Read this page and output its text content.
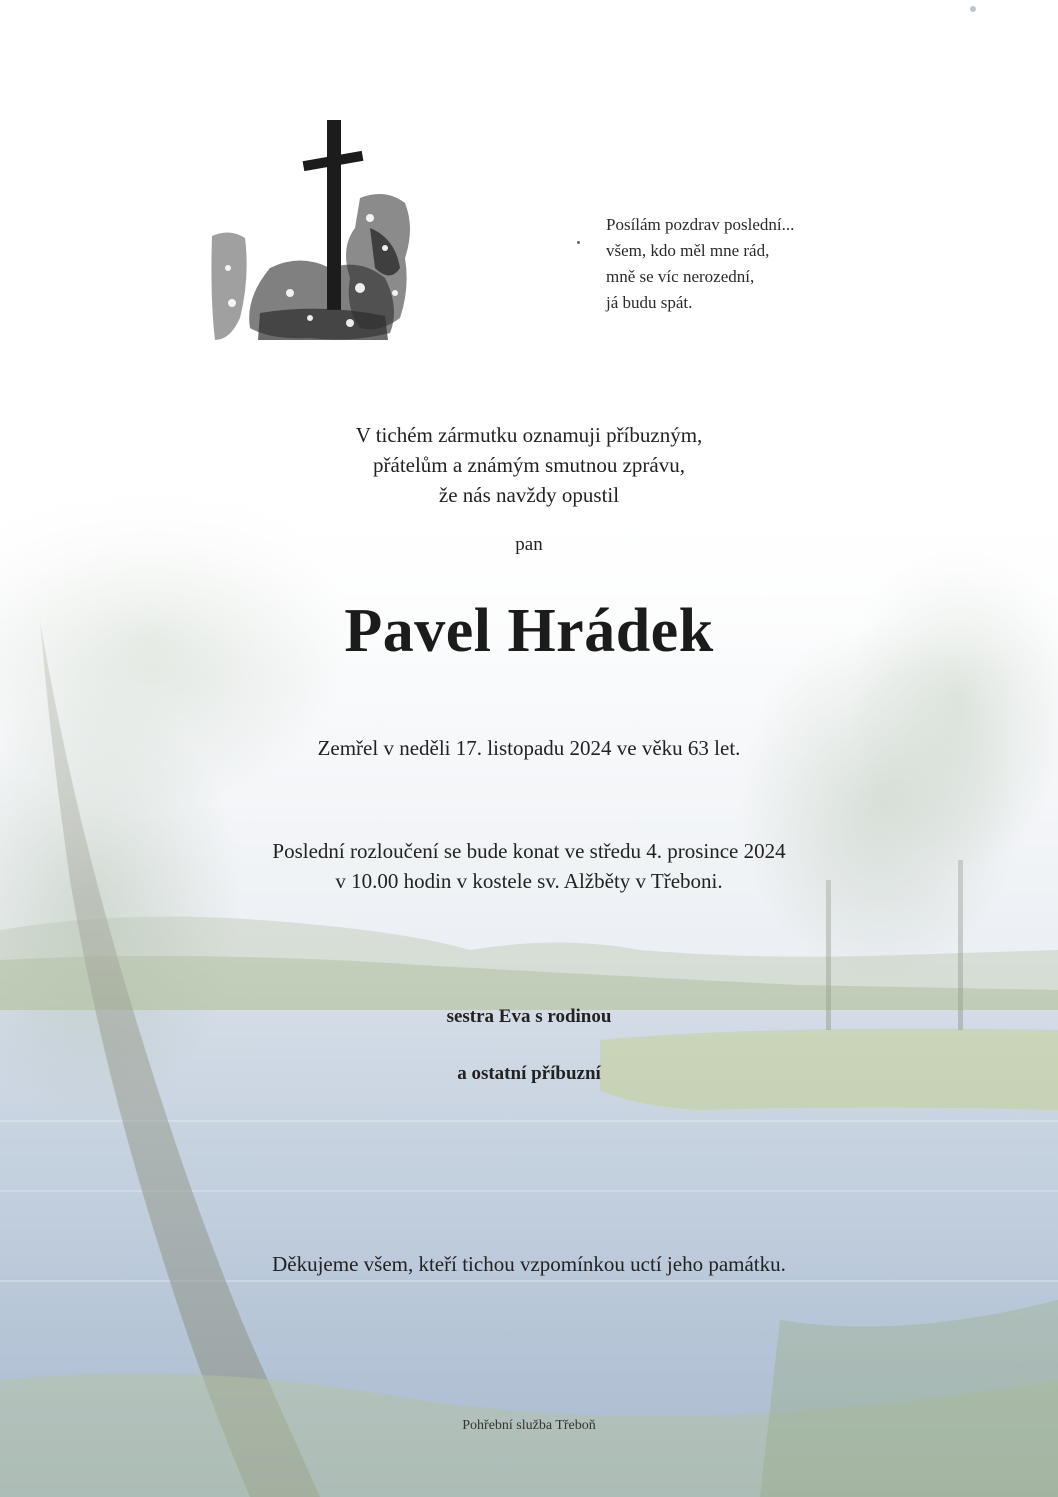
Posílám pozdrav poslední...
všem, kdo měl mne rád,
mně se víc nerozední,
já budu spát.
V tichém zármutku oznamuji příbuzným,
přátelům a známým smutnou zprávu,
že nás navždy opustil
pan
Pavel Hrádek
Zemřel v neděli 17. listopadu 2024 ve věku 63 let.
Poslední rozloučení se bude konat ve středu 4. prosince 2024
v 10.00 hodin v kostele sv. Alžběty v Třeboni.
sestra Eva s rodinou
a ostatní příbuzní
Děkujeme všem, kteří tichou vzpomínkou uctí jeho památku.
Pohřební služba Třeboň
